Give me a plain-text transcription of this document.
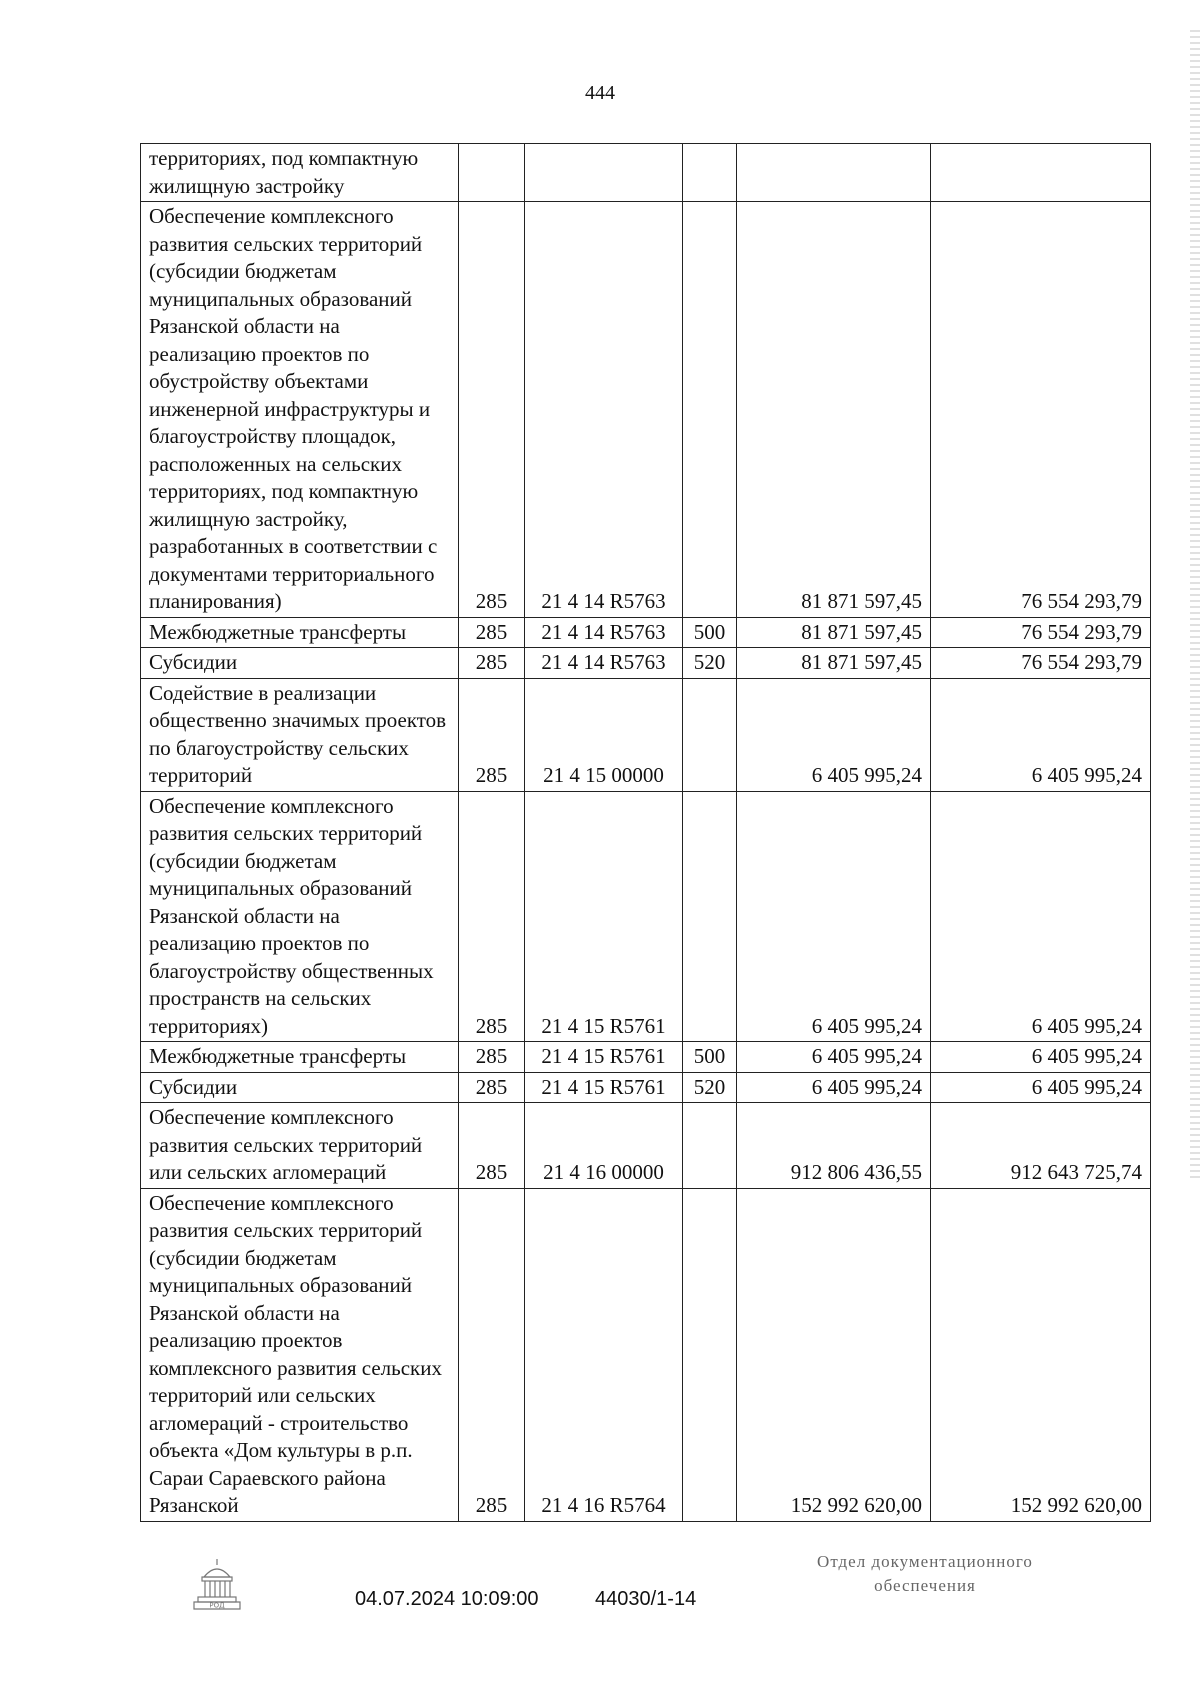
444
территориях, под компактную жилищную застройку					
Обеспечение комплексного развития сельских территорий (субсидии бюджетам муниципальных образований Рязанской области на реализацию проектов по обустройству объектами инженерной инфраструктуры и благоустройству площадок, расположенных на сельских территориях, под компактную жилищную застройку, разработанных в соответствии с документами территориального планирования)	285	21 4 14 R5763		81 871 597,45	76 554 293,79
Межбюджетные трансферты	285	21 4 14 R5763	500	81 871 597,45	76 554 293,79
Субсидии	285	21 4 14 R5763	520	81 871 597,45	76 554 293,79
Содействие в реализации общественно значимых проектов по благоустройству сельских территорий	285	21 4 15 00000		6 405 995,24	6 405 995,24
Обеспечение комплексного развития сельских территорий (субсидии бюджетам муниципальных образований Рязанской области на реализацию проектов по благоустройству общественных пространств на сельских территориях)	285	21 4 15 R5761		6 405 995,24	6 405 995,24
Межбюджетные трансферты	285	21 4 15 R5761	500	6 405 995,24	6 405 995,24
Субсидии	285	21 4 15 R5761	520	6 405 995,24	6 405 995,24
Обеспечение комплексного развития сельских территорий или сельских агломераций	285	21 4 16 00000		912 806 436,55	912 643 725,74
Обеспечение комплексного развития сельских территорий (субсидии бюджетам муниципальных образований Рязанской области на реализацию проектов комплексного развития сельских территорий или сельских агломераций - строительство объекта «Дом культуры в р.п. Сараи Сараевского района Рязанской	285	21 4 16 R5764		152 992 620,00	152 992 620,00
РОД	04.07.2024 10:09:00	44030/1-14
Отдел документационного
обеспечения
